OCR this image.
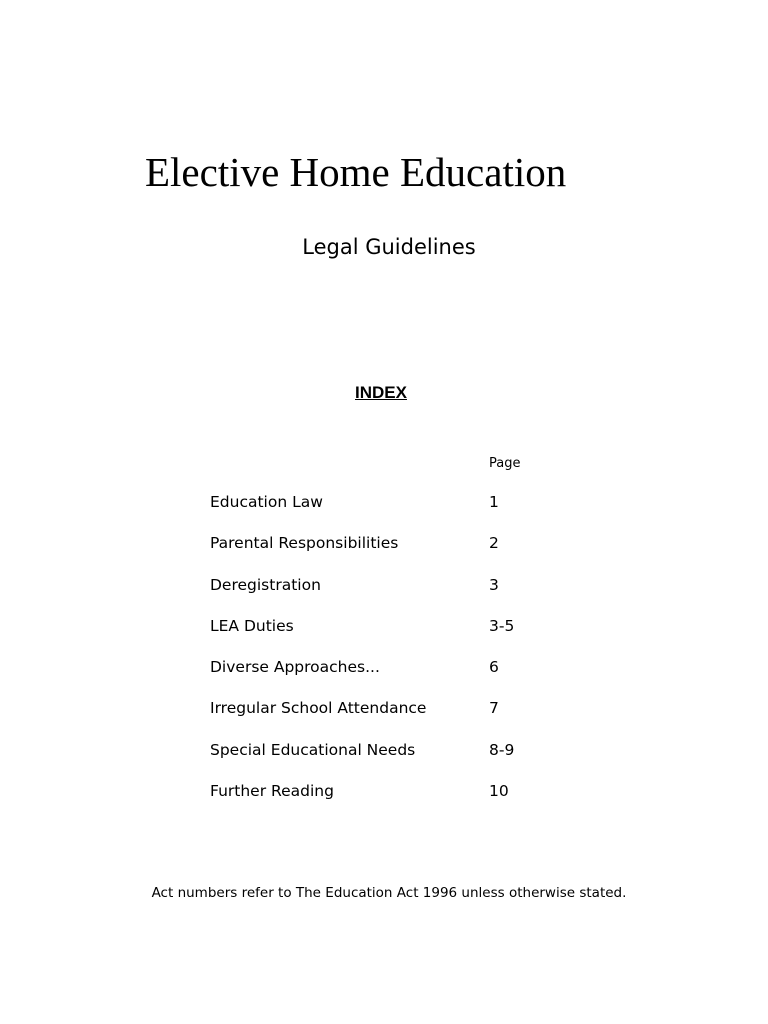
Elective Home Education
Legal Guidelines
INDEX
Page
Education Law	1
Parental Responsibilities	2
Deregistration	3
LEA Duties	3-5
Diverse Approaches...	6
Irregular School Attendance	7
Special Educational Needs	8-9
Further Reading	10
Act numbers refer to The Education Act 1996 unless otherwise stated.
